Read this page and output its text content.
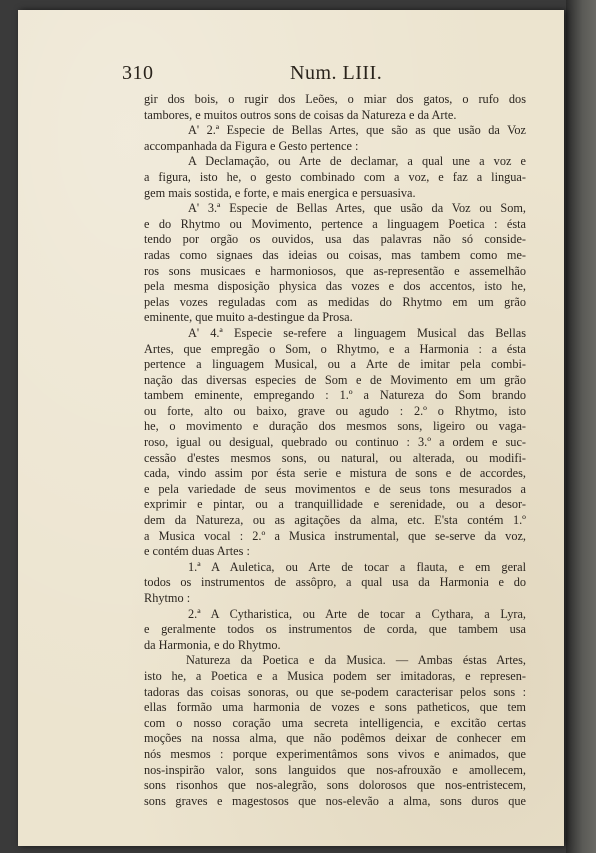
310	Num. LIII.
gir dos bois, o rugir dos Leões, o miar dos gatos, o rufo dos
tambores, e muitos outros sons de coisas da Natureza e da Arte.
A' 2.ª Especie de Bellas Artes, que são as que usão da Voz
accompanhada da Figura e Gesto pertence :
A Declamação, ou Arte de declamar, a qual une a voz e
a figura, isto he, o gesto combinado com a voz, e faz a lingua-
gem mais sostida, e forte, e mais energica e persuasiva.
A' 3.ª Especie de Bellas Artes, que usão da Voz ou Som,
e do Rhytmo ou Movimento, pertence a linguagem Poetica : ésta
tendo por orgão os ouvidos, usa das palavras não só conside-
radas como signaes das ideias ou coisas, mas tambem como me-
ros sons musicaes e harmoniosos, que as-representão e assemelhão
pela mesma disposição physica das vozes e dos accentos, isto he,
pelas vozes reguladas com as medidas do Rhytmo em um grão
eminente, que muito a-destingue da Prosa.
A' 4.ª Especie se-refere a linguagem Musical das Bellas
Artes, que empregão o Som, o Rhytmo, e a Harmonia : a ésta
pertence a linguagem Musical, ou a Arte de imitar pela combi-
nação das diversas especies de Som e de Movimento em um grão
tambem eminente, empregando : 1.º a Natureza do Som brando
ou forte, alto ou baixo, grave ou agudo : 2.º o Rhytmo, isto
he, o movimento e duração dos mesmos sons, ligeiro ou vaga-
roso, igual ou desigual, quebrado ou continuo : 3.º a ordem e suc-
cessão d'estes mesmos sons, ou natural, ou alterada, ou modifi-
cada, vindo assim por ésta serie e mistura de sons e de accordes,
e pela variedade de seus movimentos e de seus tons mesurados a
exprimir e pintar, ou a tranquillidade e serenidade, ou a desor-
dem da Natureza, ou as agitações da alma, etc. E'sta contém 1.º
a Musica vocal : 2.º a Musica instrumental, que se-serve da voz,
e contém duas Artes :
1.ª A Auletica, ou Arte de tocar a flauta, e em geral
todos os instrumentos de assôpro, a qual usa da Harmonia e do
Rhytmo :
2.ª A Cytharistica, ou Arte de tocar a Cythara, a Lyra,
e geralmente todos os instrumentos de corda, que tambem usa
da Harmonia, e do Rhytmo.
Natureza da Poetica e da Musica. — Ambas éstas Artes,
isto he, a Poetica e a Musica podem ser imitadoras, e represen-
tadoras das coisas sonoras, ou que se-podem caracterisar pelos sons :
ellas formão uma harmonia de vozes e sons patheticos, que tem
com o nosso coração uma secreta intelligencia, e excitão certas
moções na nossa alma, que não podêmos deixar de conhecer em
nós mesmos : porque experimentâmos sons vivos e animados, que
nos-inspirão valor, sons languidos que nos-afrouxão e amollecem,
sons risonhos que nos-alegrão, sons dolorosos que nos-entristecem,
sons graves e magestosos que nos-elevão a alma, sons duros que
